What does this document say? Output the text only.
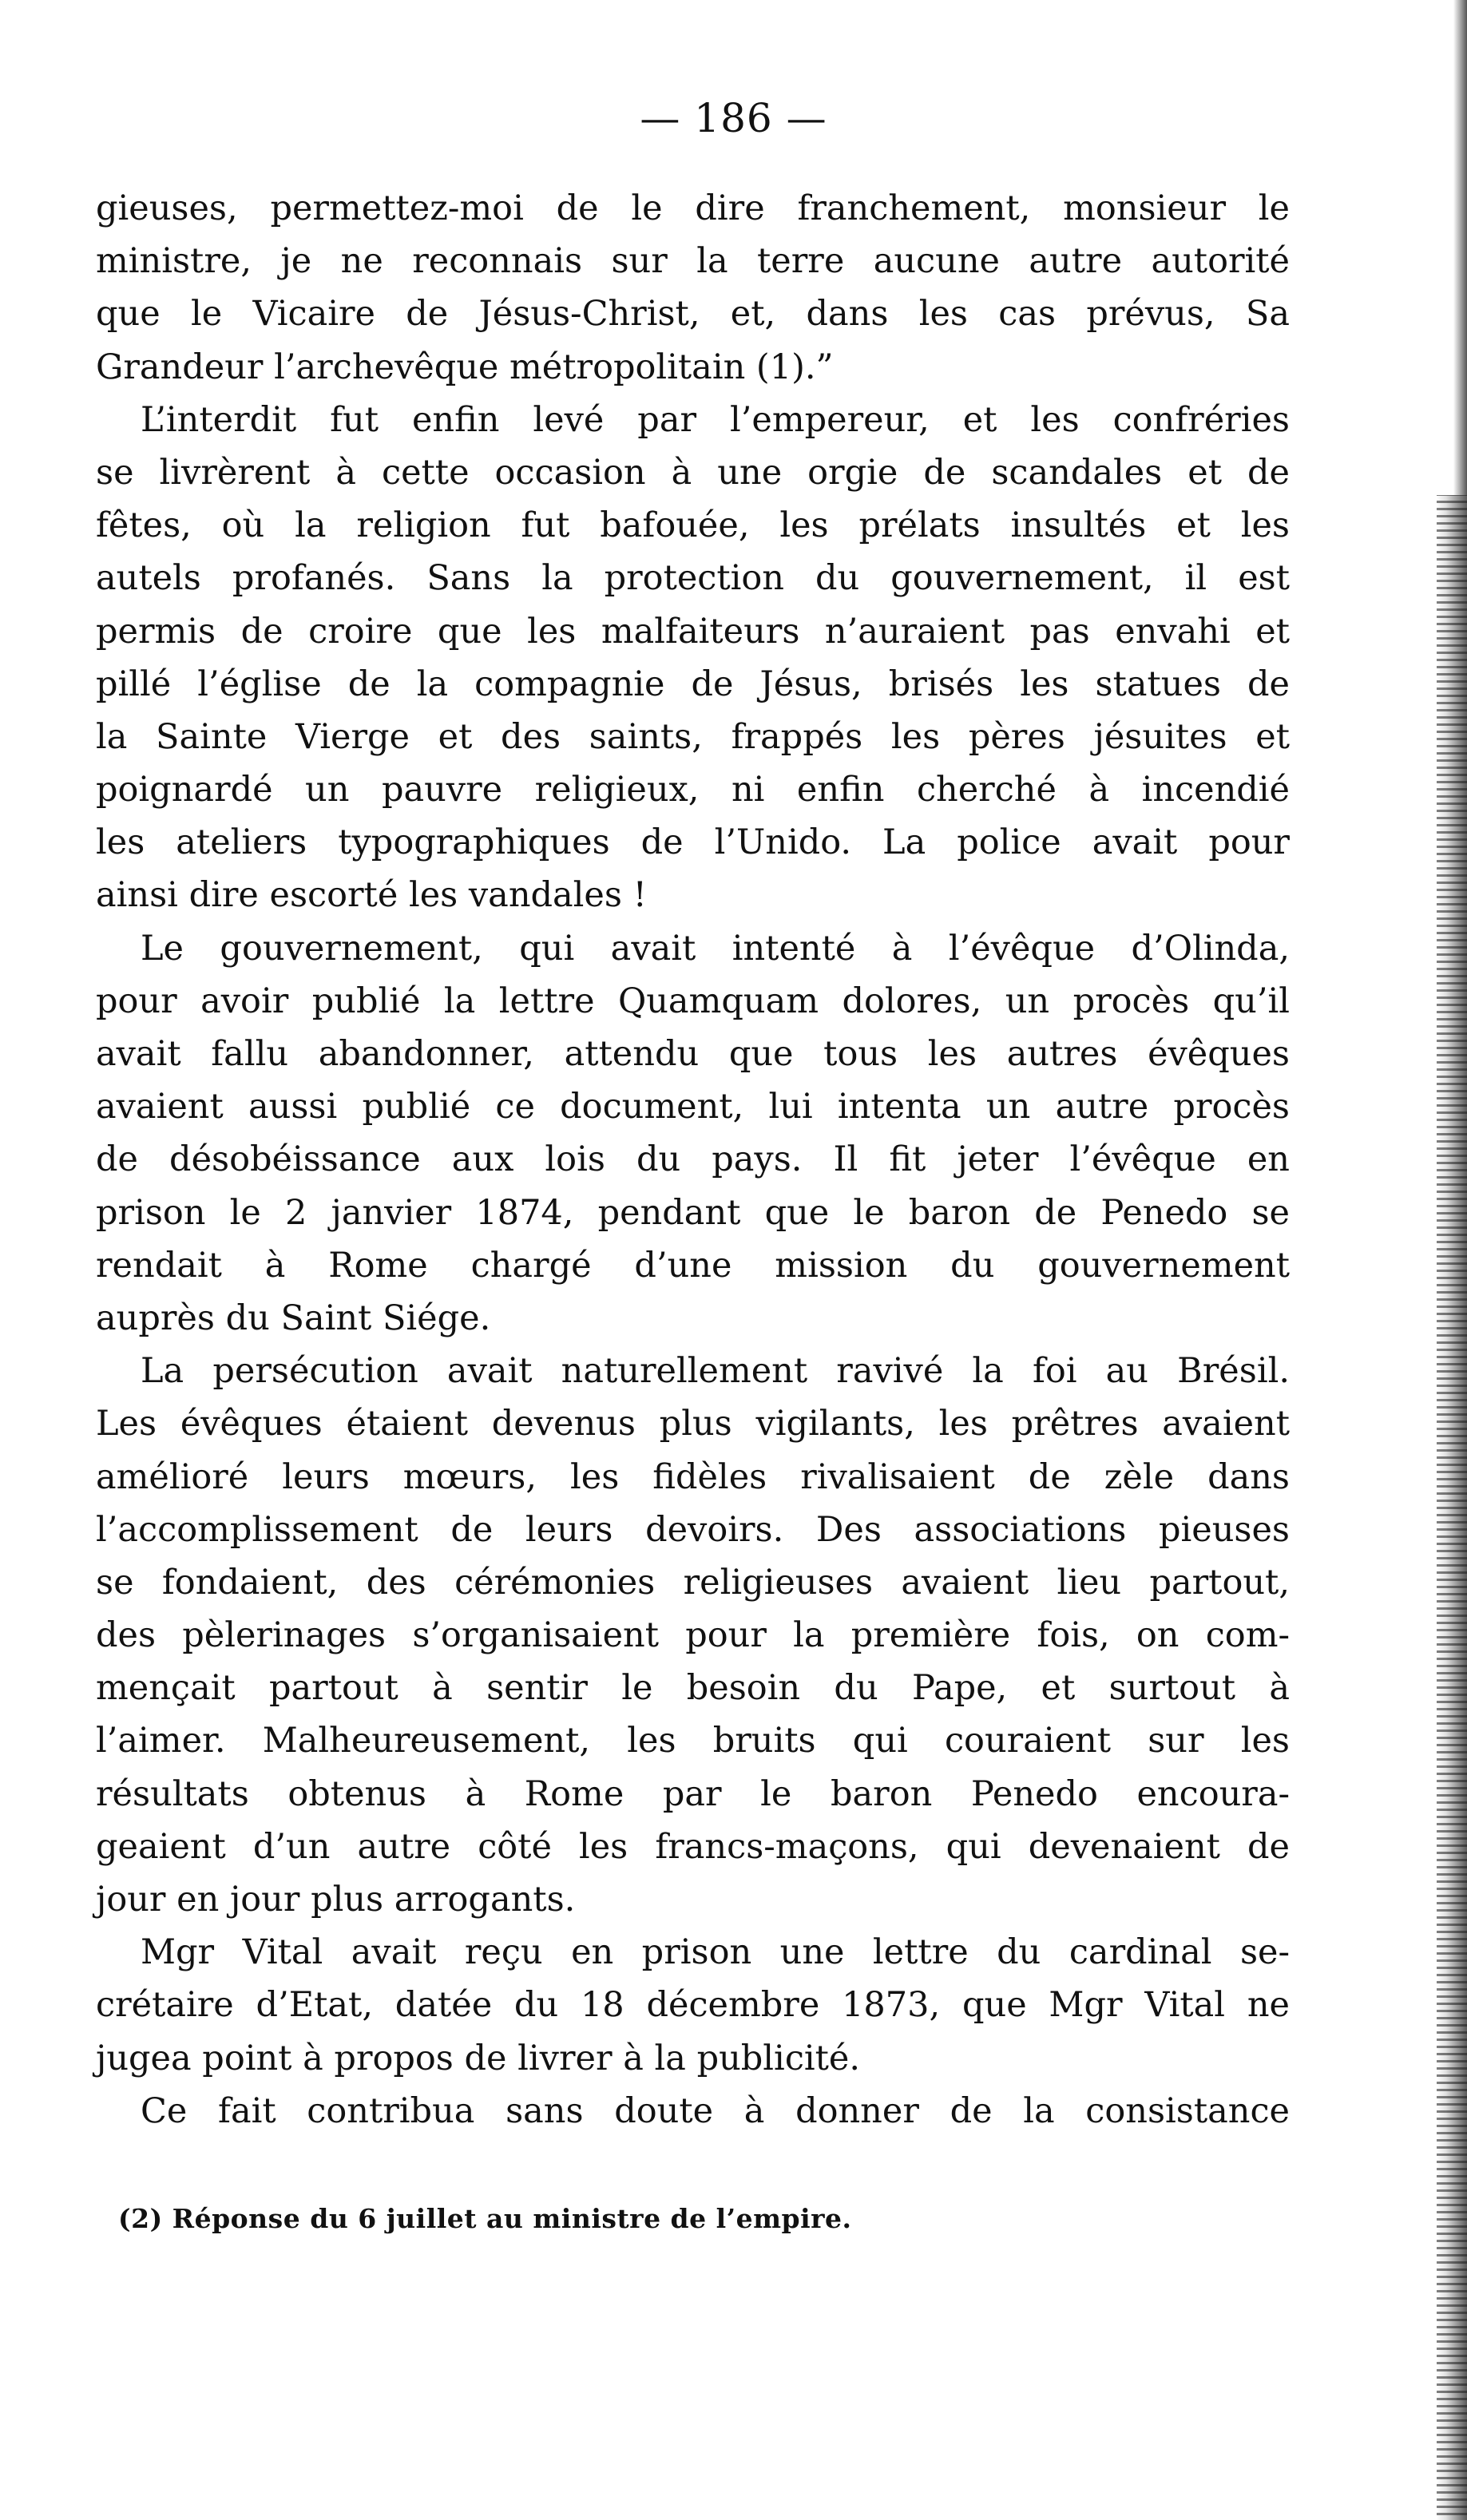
— 186 —
gieuses, permettez-moi de le dire franchement, monsieur le
ministre, je ne reconnais sur la terre aucune autre autorité
que le Vicaire de Jésus-Christ, et, dans les cas prévus, Sa
Grandeur l’archevêque métropolitain (1).”
L’interdit fut enfin levé par l’empereur, et les confréries
se livrèrent à cette occasion à une orgie de scandales et de
fêtes, où la religion fut bafouée, les prélats insultés et les
autels profanés. Sans la protection du gouvernement, il est
permis de croire que les malfaiteurs n’auraient pas envahi et
pillé l’église de la compagnie de Jésus, brisés les statues de
la Sainte Vierge et des saints, frappés les pères jésuites et
poignardé un pauvre religieux, ni enfin cherché à incendié
les ateliers typographiques de l’Unido. La police avait pour
ainsi dire escorté les vandales !
Le gouvernement, qui avait intenté à l’évêque d’Olinda,
pour avoir publié la lettre Quamquam dolores, un procès qu’il
avait fallu abandonner, attendu que tous les autres évêques
avaient aussi publié ce document, lui intenta un autre procès
de désobéissance aux lois du pays. Il fit jeter l’évêque en
prison le 2 janvier 1874, pendant que le baron de Penedo se
rendait à Rome chargé d’une mission du gouvernement
auprès du Saint Siége.
La persécution avait naturellement ravivé la foi au Brésil.
Les évêques étaient devenus plus vigilants, les prêtres avaient
amélioré leurs mœurs, les fidèles rivalisaient de zèle dans
l’accomplissement de leurs devoirs. Des associations pieuses
se fondaient, des cérémonies religieuses avaient lieu partout,
des pèlerinages s’organisaient pour la première fois, on com-
mençait partout à sentir le besoin du Pape, et surtout à
l’aimer. Malheureusement, les bruits qui couraient sur les
résultats obtenus à Rome par le baron Penedo encoura-
geaient d’un autre côté les francs-maçons, qui devenaient de
jour en jour plus arrogants.
Mgr Vital avait reçu en prison une lettre du cardinal se-
crétaire d’Etat, datée du 18 décembre 1873, que Mgr Vital ne
jugea point à propos de livrer à la publicité.
Ce fait contribua sans doute à donner de la consistance
(2) Réponse du 6 juillet au ministre de l’empire.
